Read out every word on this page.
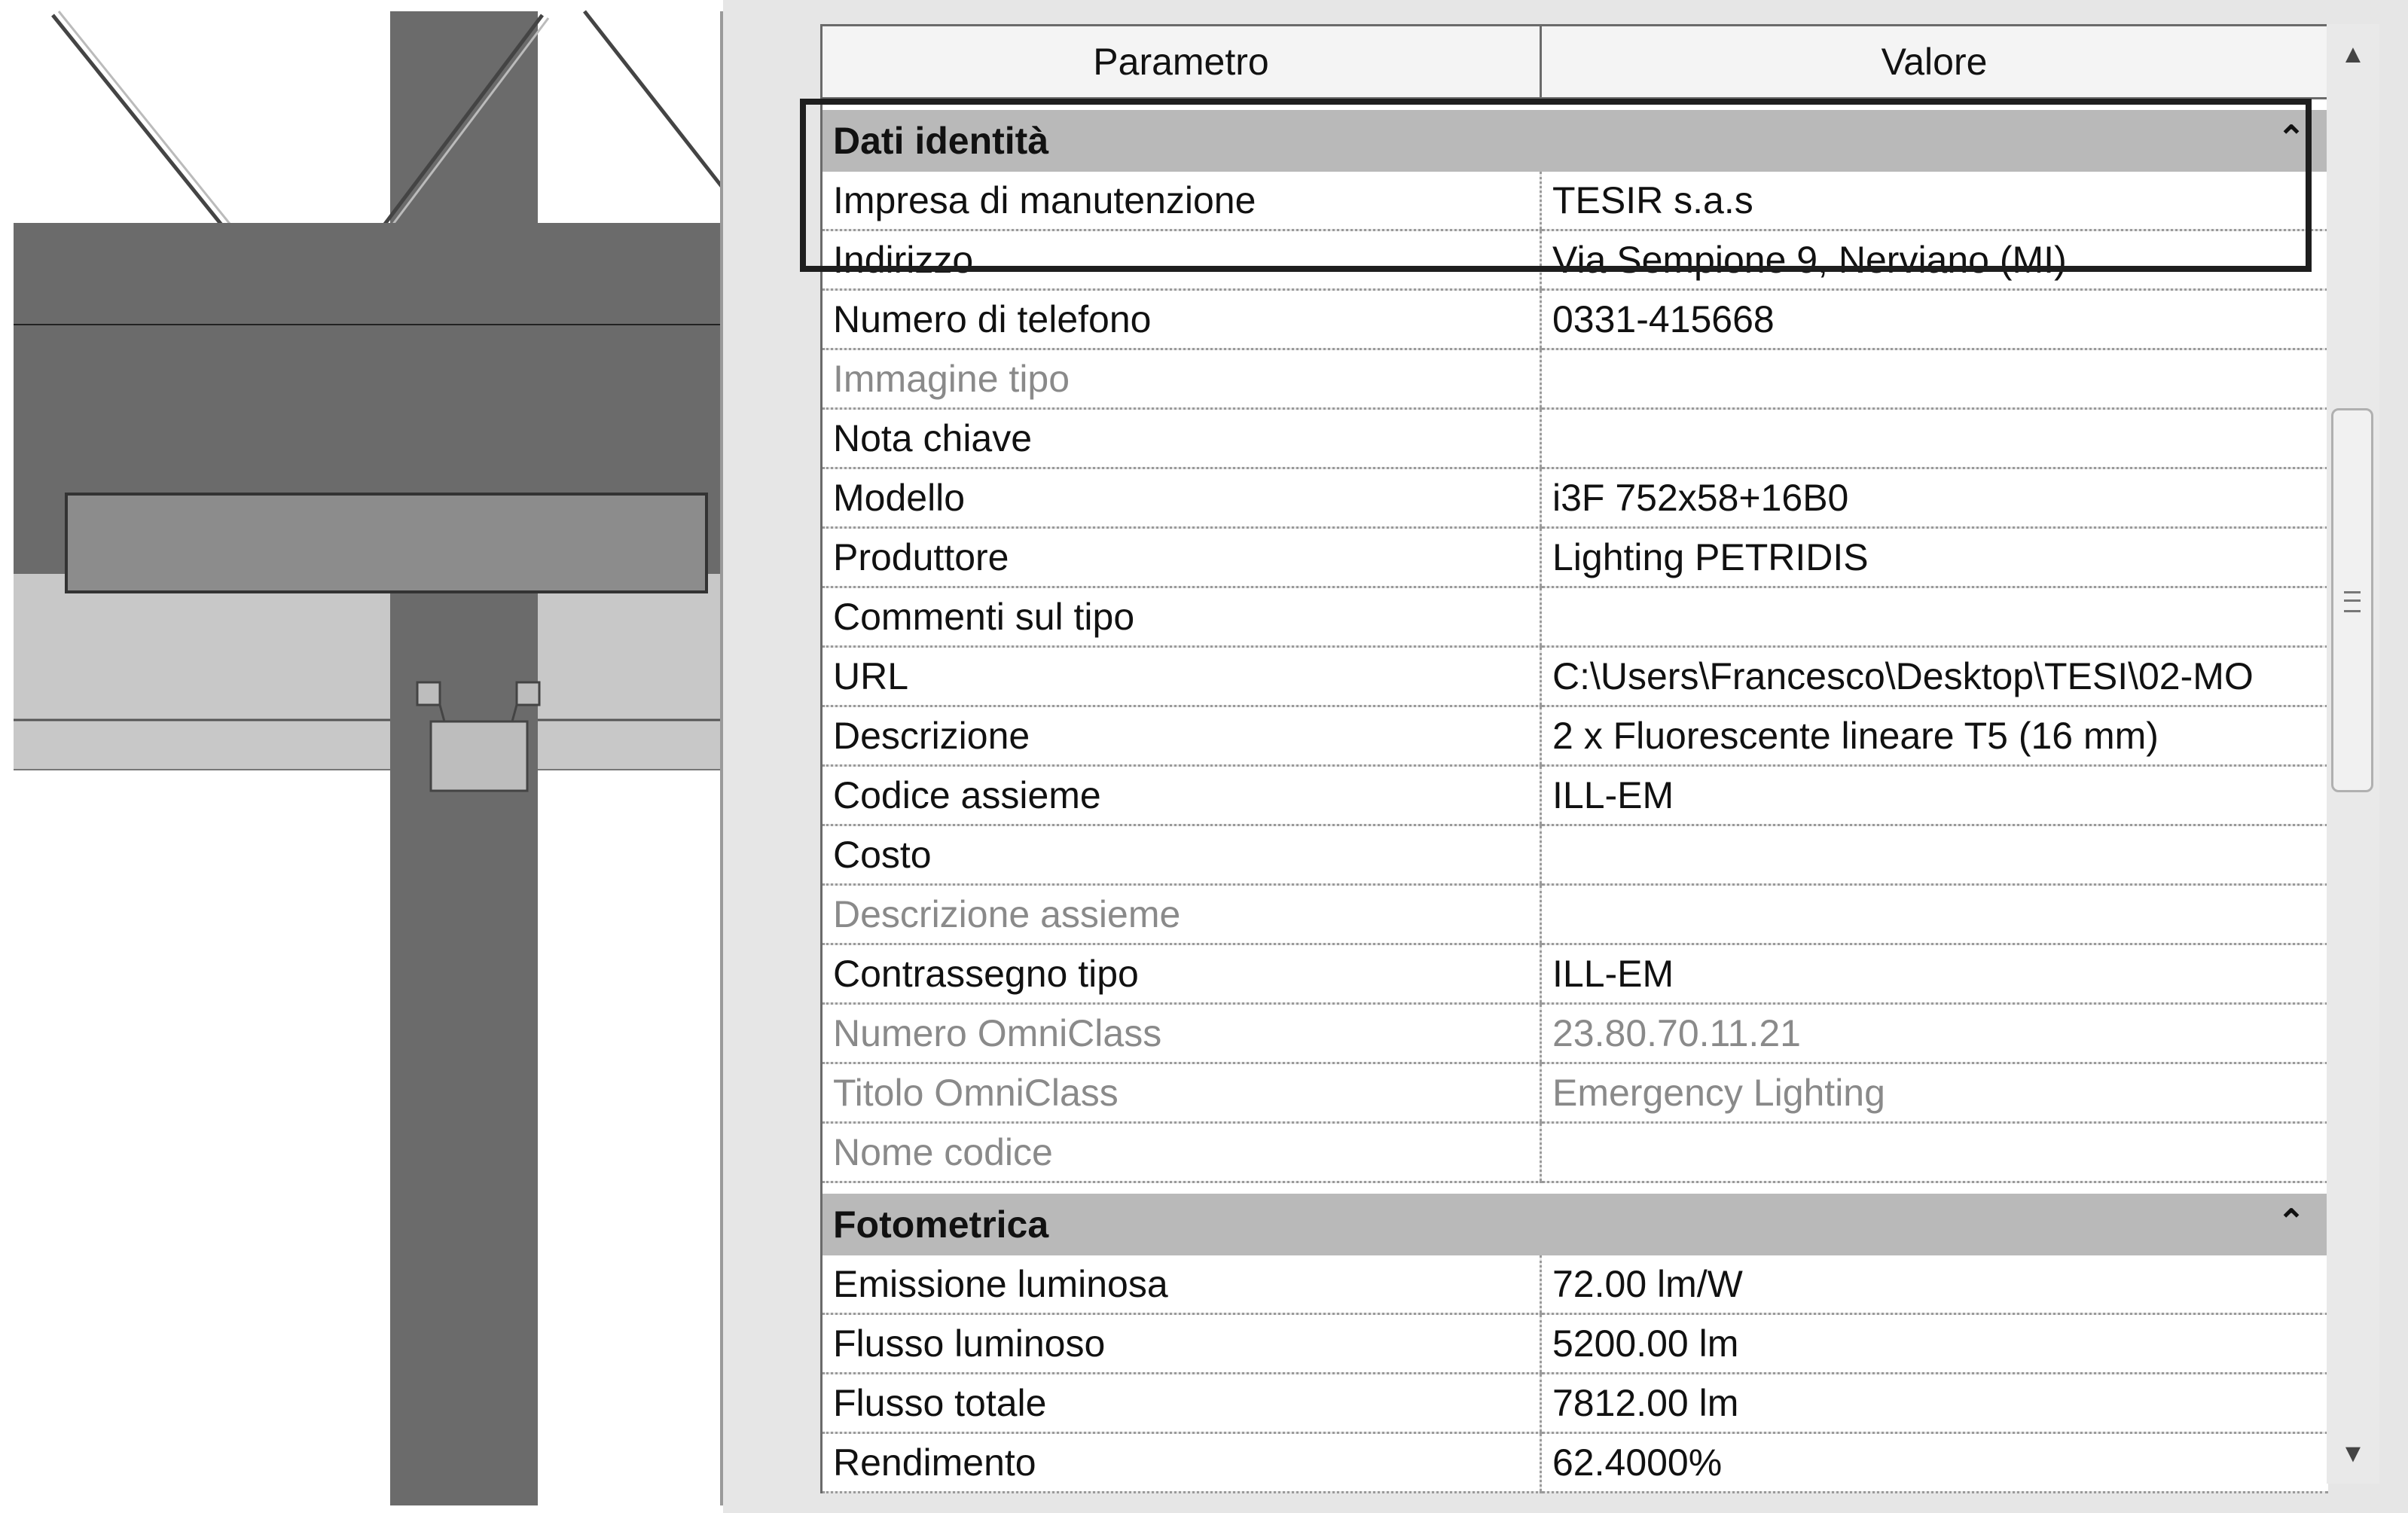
Parametro	Valore

Dati identità ⌃	

Impresa di manutenzione	TESIR s.a.s
Indirizzo	Via Sempione 9, Nerviano (MI)
Numero di telefono	0331-415668
Immagine tipo	
Nota chiave	
Modello	i3F 752x58+16B0
Produttore	Lighting PETRIDIS
Commenti sul tipo	
URL	C:\Users\Francesco\Desktop\TESI\02-MO
Descrizione	2 x Fluorescente lineare T5 (16 mm)
Codice assieme	ILL-EM
Costo	
Descrizione assieme	
Contrassegno tipo	ILL-EM
Numero OmniClass	23.80.70.11.21
Titolo OmniClass	Emergency Lighting
Nome codice	

Fotometrica ⌃	

Emissione luminosa	72.00 lm/W
Flusso luminoso	5200.00 lm
Flusso totale	7812.00 lm
Rendimento	62.4000%
▲
▼
